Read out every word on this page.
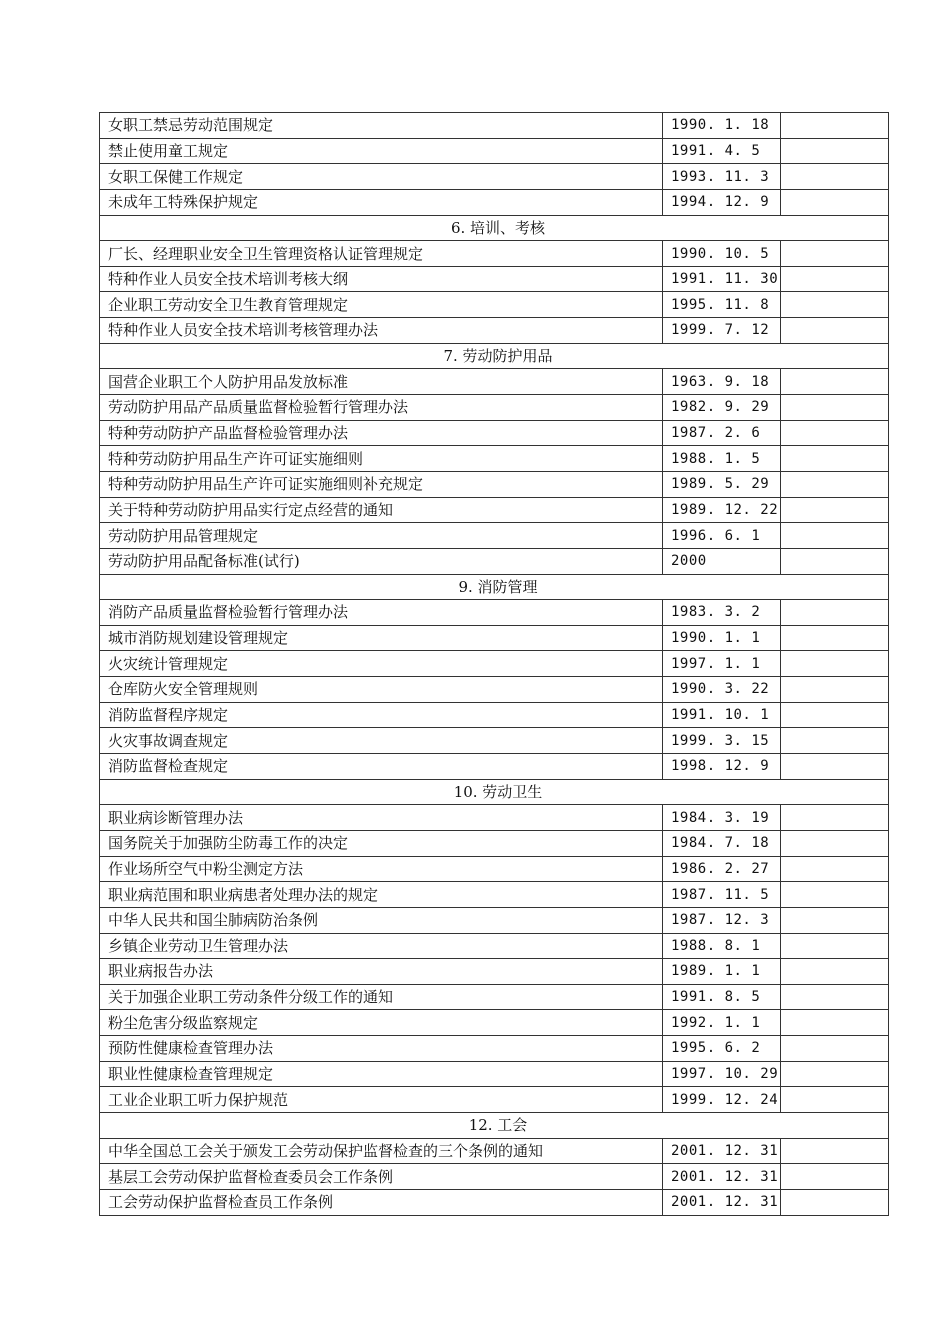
女职工禁忌劳动范围规定	1990. 1. 18	
禁止使用童工规定	1991. 4. 5	
女职工保健工作规定	1993. 11. 3	
未成年工特殊保护规定	1994. 12. 9	
6. 培训、考核		
厂长、经理职业安全卫生管理资格认证管理规定	1990. 10. 5	
特种作业人员安全技术培训考核大纲	1991. 11. 30	
企业职工劳动安全卫生教育管理规定	1995. 11. 8	
特种作业人员安全技术培训考核管理办法	1999. 7. 12	
7. 劳动防护用品		
国营企业职工个人防护用品发放标准	1963. 9. 18	
劳动防护用品产品质量监督检验暂行管理办法	1982. 9. 29	
特种劳动防护产品监督检验管理办法	1987. 2. 6	
特种劳动防护用品生产许可证实施细则	1988. 1. 5	
特种劳动防护用品生产许可证实施细则补充规定	1989. 5. 29	
关于特种劳动防护用品实行定点经营的通知	1989. 12. 22	
劳动防护用品管理规定	1996. 6. 1	
劳动防护用品配备标准(试行)	2000	
9. 消防管理		
消防产品质量监督检验暂行管理办法	1983. 3. 2	
城市消防规划建设管理规定	1990. 1. 1	
火灾统计管理规定	1997. 1. 1	
仓库防火安全管理规则	1990. 3. 22	
消防监督程序规定	1991. 10. 1	
火灾事故调查规定	1999. 3. 15	
消防监督检查规定	1998. 12. 9	
10. 劳动卫生		
职业病诊断管理办法	1984. 3. 19	
国务院关于加强防尘防毒工作的决定	1984. 7. 18	
作业场所空气中粉尘测定方法	1986. 2. 27	
职业病范围和职业病患者处理办法的规定	1987. 11. 5	
中华人民共和国尘肺病防治条例	1987. 12. 3	
乡镇企业劳动卫生管理办法	1988. 8. 1	
职业病报告办法	1989. 1. 1	
关于加强企业职工劳动条件分级工作的通知	1991. 8. 5	
粉尘危害分级监察规定	1992. 1. 1	
预防性健康检查管理办法	1995. 6. 2	
职业性健康检查管理规定	1997. 10. 29	
工业企业职工听力保护规范	1999. 12. 24	
12. 工会		
中华全国总工会关于颁发工会劳动保护监督检查的三个条例的通知	2001. 12. 31	
基层工会劳动保护监督检查委员会工作条例	2001. 12. 31	
工会劳动保护监督检查员工作条例	2001. 12. 31	
